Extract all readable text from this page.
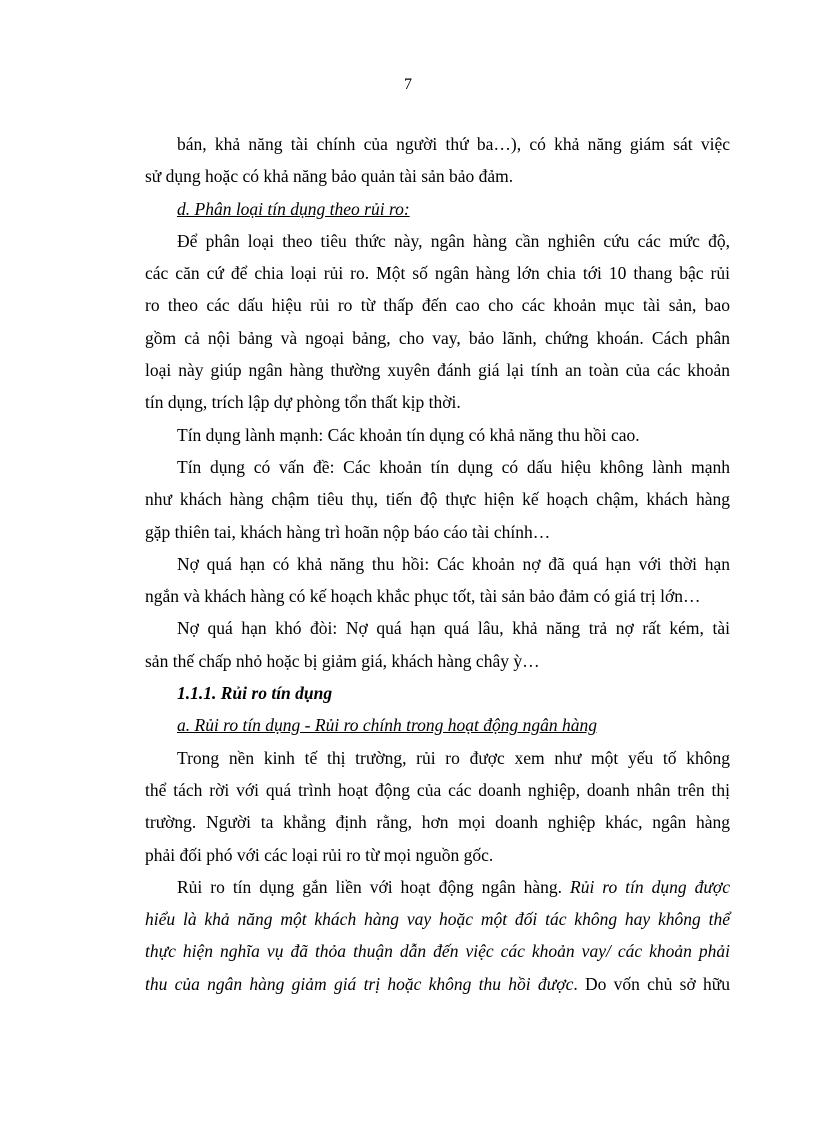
7
bán, khả năng tài chính của người thứ ba…), có khả năng giám sát việc
sử dụng hoặc có khả năng bảo quản tài sản bảo đảm.
d. Phân loại tín dụng theo rủi ro:
Để phân loại theo tiêu thức này, ngân hàng cần nghiên cứu các mức độ,
các căn cứ để chia loại rủi ro. Một số ngân hàng lớn chia tới 10 thang bậc rủi
ro theo các dấu hiệu rủi ro từ thấp đến cao cho các khoản mục tài sản, bao
gồm cả nội bảng và ngoại bảng, cho vay, bảo lãnh, chứng khoán. Cách phân
loại này giúp ngân hàng thường xuyên đánh giá lại tính an toàn của các khoản
tín dụng, trích lập dự phòng tổn thất kịp thời.
Tín dụng lành mạnh: Các khoản tín dụng có khả năng thu hồi cao.
Tín dụng có vấn đề: Các khoản tín dụng có dấu hiệu không lành mạnh
như khách hàng chậm tiêu thụ, tiến độ thực hiện kế hoạch chậm, khách hàng
gặp thiên tai, khách hàng trì hoãn nộp báo cáo tài chính…
Nợ quá hạn có khả năng thu hồi: Các khoản nợ đã quá hạn với thời hạn
ngắn và khách hàng có kế hoạch khắc phục tốt, tài sản bảo đảm có giá trị lớn…
Nợ quá hạn khó đòi: Nợ quá hạn quá lâu, khả năng trả nợ rất kém, tài
sản thế chấp nhỏ hoặc bị giảm giá, khách hàng chây ỳ…
1.1.1. Rủi ro tín dụng
a. Rủi ro tín dụng - Rủi ro chính trong hoạt động ngân hàng
Trong nền kinh tế thị trường, rủi ro được xem như một yếu tố không
thể tách rời với quá trình hoạt động của các doanh nghiệp, doanh nhân trên thị
trường. Người ta khẳng định rằng, hơn mọi doanh nghiệp khác, ngân hàng
phải đối phó với các loại rủi ro từ mọi nguồn gốc.
Rủi ro tín dụng gắn liền với hoạt động ngân hàng. Rủi ro tín dụng được
hiểu là khả năng một khách hàng vay hoặc một đối tác không hay không thể
thực hiện nghĩa vụ đã thỏa thuận dẫn đến việc các khoản vay/ các khoản phải
thu của ngân hàng giảm giá trị hoặc không thu hồi được. Do vốn chủ sở hữu
